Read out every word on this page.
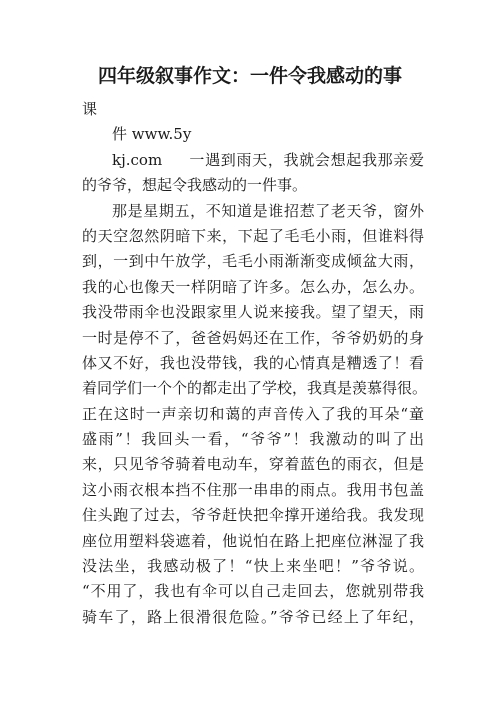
四年级叙事作文：一件令我感动的事
课
件 www.5y
kj.com     一遇到雨天，我就会想起我那亲爱
的爷爷，想起令我感动的一件事。
那是星期五，不知道是谁招惹了老天爷，窗外
的天空忽然阴暗下来，下起了毛毛小雨，但谁料得
到，一到中午放学，毛毛小雨渐渐变成倾盆大雨，
我的心也像天一样阴暗了许多。怎么办，怎么办。
我没带雨伞也没跟家里人说来接我。望了望天，雨
一时是停不了，爸爸妈妈还在工作，爷爷奶奶的身
体又不好，我也没带钱，我的心情真是糟透了！看
着同学们一个个的都走出了学校，我真是羡慕得很。
正在这时一声亲切和蔼的声音传入了我的耳朵“童
盛雨”！我回头一看，“爷爷”！我激动的叫了出
来，只见爷爷骑着电动车，穿着蓝色的雨衣，但是
这小雨衣根本挡不住那一串串的雨点。我用书包盖
住头跑了过去，爷爷赶快把伞撑开递给我。我发现
座位用塑料袋遮着，他说怕在路上把座位淋湿了我
没法坐，我感动极了！“快上来坐吧！”爷爷说。
“不用了，我也有伞可以自己走回去，您就别带我
骑车了，路上很滑很危险。”爷爷已经上了年纪，
